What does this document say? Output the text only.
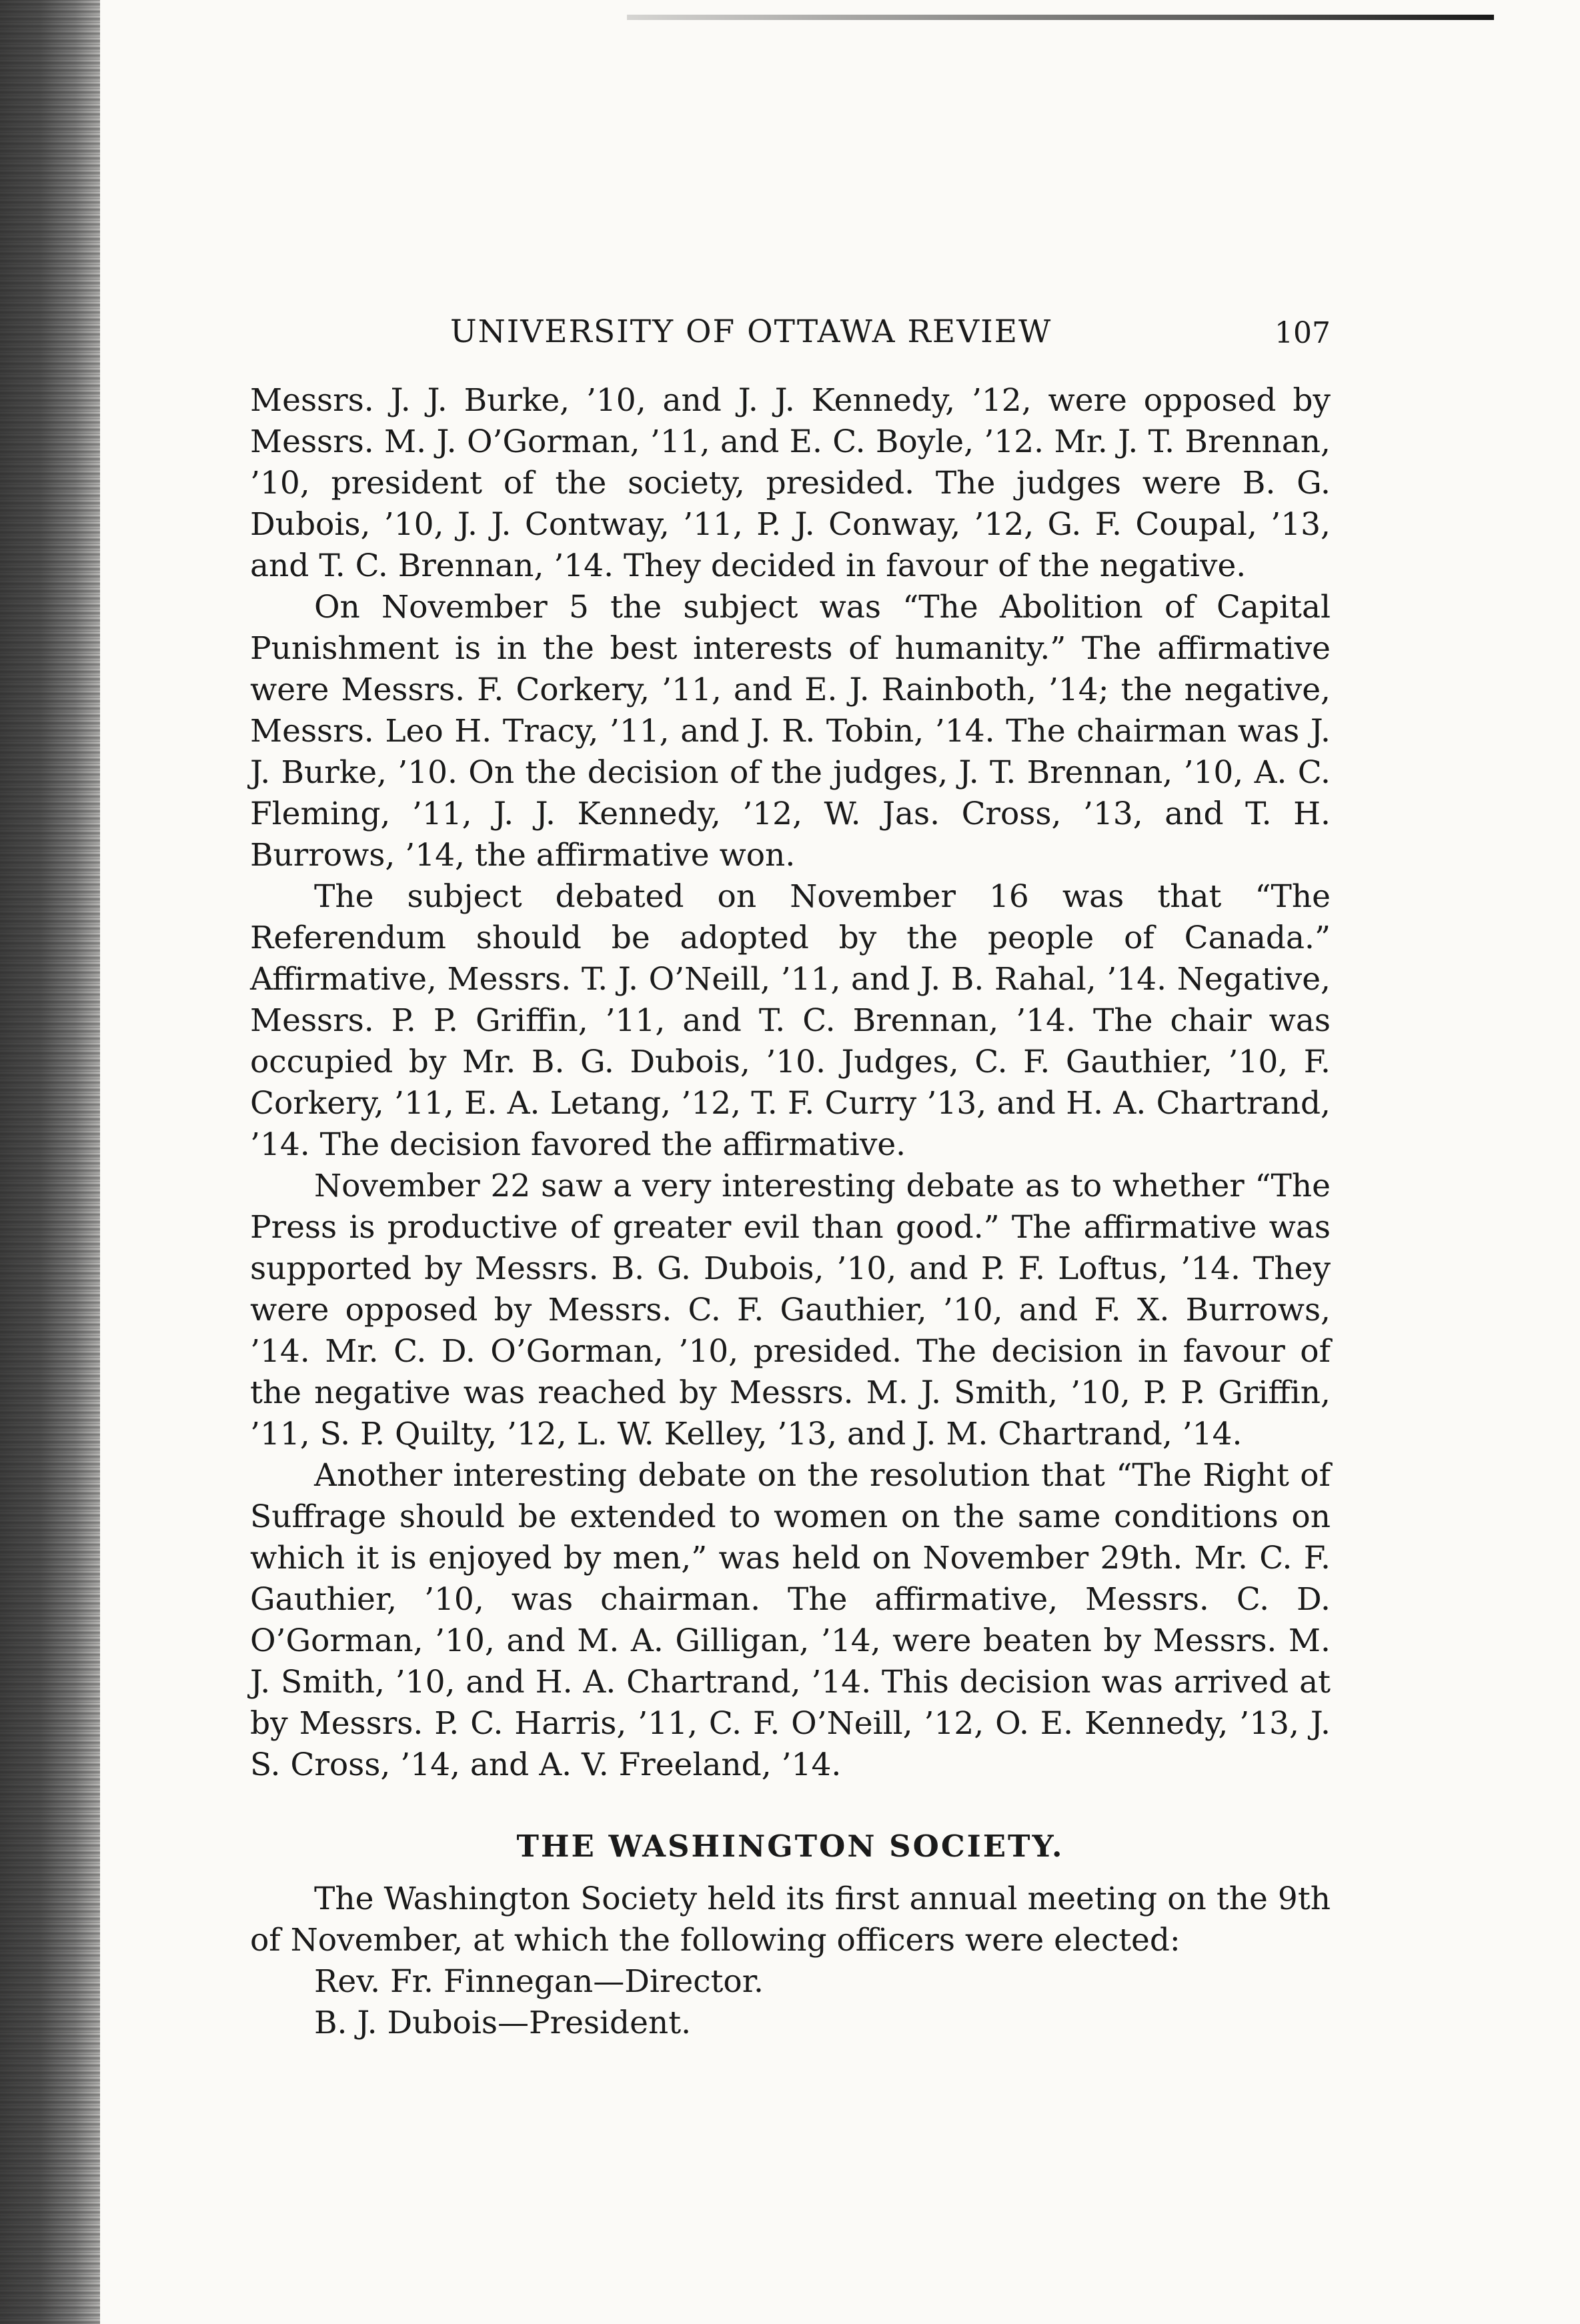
UNIVERSITY OF OTTAWA REVIEW	107

Messrs. J. J. Burke, ’10, and J. J. Kennedy, ’12, were opposed by Messrs. M. J. O’Gorman, ’11, and E. C. Boyle, ’12. Mr. J. T. Brennan, ’10, president of the society, presided. The judges were B. G. Dubois, ’10, J. J. Contway, ’11, P. J. Conway, ’12, G. F. Coupal, ’13, and T. C. Brennan, ’14. They decided in favour of the negative.

On November 5 the subject was “The Abolition of Capital Punishment is in the best interests of humanity.” The affirmative were Messrs. F. Corkery, ’11, and E. J. Rainboth, ’14; the negative, Messrs. Leo H. Tracy, ’11, and J. R. Tobin, ’14. The chairman was J. J. Burke, ’10. On the decision of the judges, J. T. Brennan, ’10, A. C. Fleming, ’11, J. J. Kennedy, ’12, W. Jas. Cross, ’13, and T. H. Burrows, ’14, the affirmative won.

The subject debated on November 16 was that “The Referendum should be adopted by the people of Canada.” Affirmative, Messrs. T. J. O’Neill, ’11, and J. B. Rahal, ’14. Negative, Messrs. P. P. Griffin, ’11, and T. C. Brennan, ’14. The chair was occupied by Mr. B. G. Dubois, ’10. Judges, C. F. Gauthier, ’10, F. Corkery, ’11, E. A. Letang, ’12, T. F. Curry ’13, and H. A. Chartrand, ’14. The decision favored the affirmative.

November 22 saw a very interesting debate as to whether “The Press is productive of greater evil than good.” The affirmative was supported by Messrs. B. G. Dubois, ’10, and P. F. Loftus, ’14. They were opposed by Messrs. C. F. Gauthier, ’10, and F. X. Burrows, ’14. Mr. C. D. O’Gorman, ’10, presided. The decision in favour of the negative was reached by Messrs. M. J. Smith, ’10, P. P. Griffin, ’11, S. P. Quilty, ’12, L. W. Kelley, ’13, and J. M. Chartrand, ’14.

Another interesting debate on the resolution that “The Right of Suffrage should be extended to women on the same conditions on which it is enjoyed by men,” was held on November 29th. Mr. C. F. Gauthier, ’10, was chairman. The affirmative, Messrs. C. D. O’Gorman, ’10, and M. A. Gilligan, ’14, were beaten by Messrs. M. J. Smith, ’10, and H. A. Chartrand, ’14. This decision was arrived at by Messrs. P. C. Harris, ’11, C. F. O’Neill, ’12, O. E. Kennedy, ’13, J. S. Cross, ’14, and A. V. Freeland, ’14.

THE WASHINGTON SOCIETY.

The Washington Society held its first annual meeting on the 9th of November, at which the following officers were elected:

Rev. Fr. Finnegan—Director.
B. J. Dubois—President.
